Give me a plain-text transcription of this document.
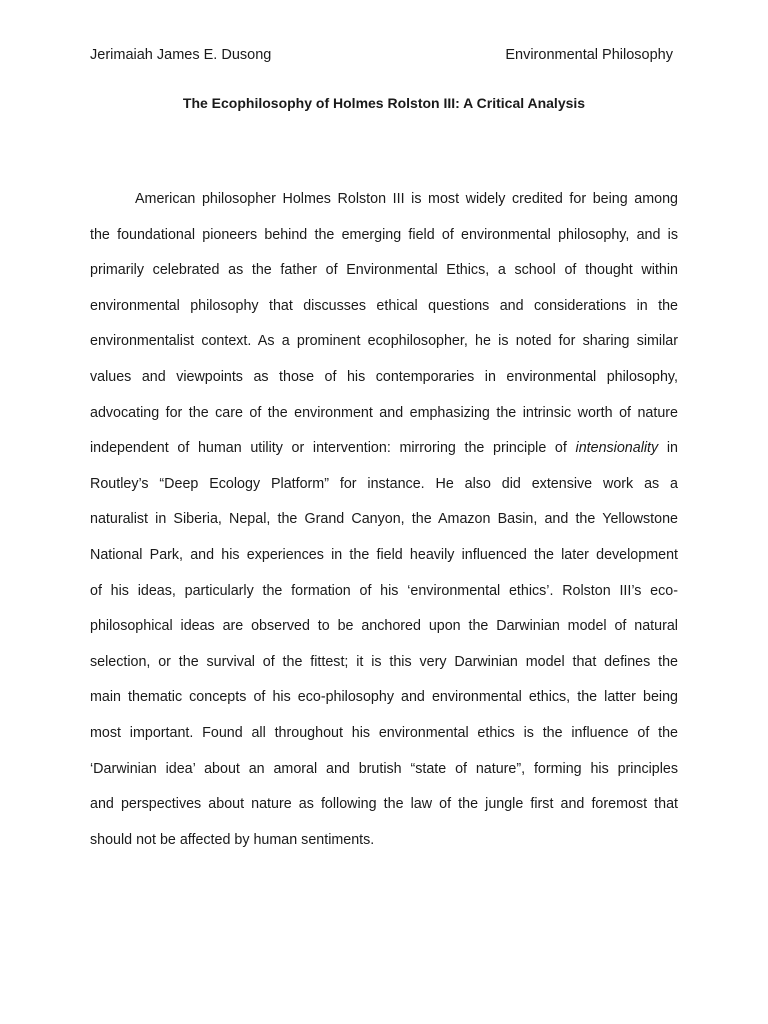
Jerimaiah James E. Dusong	Environmental Philosophy
The Ecophilosophy of Holmes Rolston III: A Critical Analysis
American philosopher Holmes Rolston III is most widely credited for being among
the foundational pioneers behind the emerging field of environmental philosophy, and is
primarily celebrated as the father of Environmental Ethics, a school of thought within
environmental philosophy that discusses ethical questions and considerations in the
environmentalist context. As a prominent ecophilosopher, he is noted for sharing similar
values and viewpoints as those of his contemporaries in environmental philosophy,
advocating for the care of the environment and emphasizing the intrinsic worth of nature
independent of human utility or intervention: mirroring the principle of intensionality in
Routley’s “Deep Ecology Platform” for instance. He also did extensive work as a
naturalist in Siberia, Nepal, the Grand Canyon, the Amazon Basin, and the Yellowstone
National Park, and his experiences in the field heavily influenced the later development
of his ideas, particularly the formation of his ‘environmental ethics’. Rolston III’s eco-
philosophical ideas are observed to be anchored upon the Darwinian model of natural
selection, or the survival of the fittest; it is this very Darwinian model that defines the
main thematic concepts of his eco-philosophy and environmental ethics, the latter being
most important. Found all throughout his environmental ethics is the influence of the
‘Darwinian idea’ about an amoral and brutish “state of nature”, forming his principles
and perspectives about nature as following the law of the jungle first and foremost that
should not be affected by human sentiments.
